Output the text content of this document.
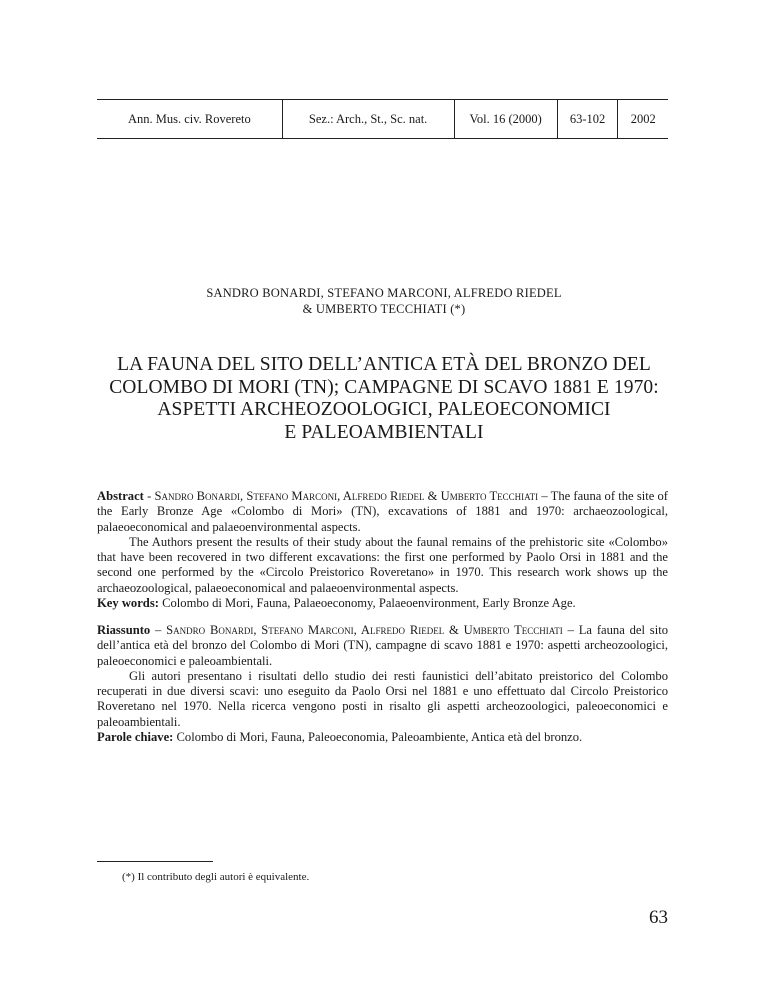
Ann. Mus. civ. Rovereto	Sez.: Arch., St., Sc. nat.	Vol. 16 (2000)	63-102	2002
SANDRO BONARDI, STEFANO MARCONI, ALFREDO RIEDEL
& UMBERTO TECCHIATI (*)
LA FAUNA DEL SITO DELL’ANTICA ETÀ DEL BRONZO DEL
COLOMBO DI MORI (TN); CAMPAGNE DI SCAVO 1881 E 1970:
ASPETTI ARCHEOZOOLOGICI, PALEOECONOMICI
E PALEOAMBIENTALI

Abstract - Sandro Bonardi, Stefano Marconi, Alfredo Riedel & Umberto Tecchiati – The fauna of the site of the Early Bronze Age «Colombo di Mori» (TN), excavations of 1881 and 1970: archaeozoological, palaeoeconomical and palaeoenvironmental aspects.

The Authors present the results of their study about the faunal remains of the prehistoric site «Colombo» that have been recovered in two different excavations: the first one performed by Paolo Orsi in 1881 and the second one performed by the «Circolo Preistorico Roveretano» in 1970. This research work shows up the archaeozoological, palaeoeconomical and palaeoenvironmental aspects.

Key words: Colombo di Mori, Fauna, Palaeoeconomy, Palaeoenvironment, Early Bronze Age.

Riassunto – Sandro Bonardi, Stefano Marconi, Alfredo Riedel & Umberto Tecchiati – La fauna del sito dell’antica età del bronzo del Colombo di Mori (TN), campagne di scavo 1881 e 1970: aspetti archeozoologici, paleoeconomici e paleoambientali.

Gli autori presentano i risultati dello studio dei resti faunistici dell’abitato preistorico del Colombo recuperati in due diversi scavi: uno eseguito da Paolo Orsi nel 1881 e uno effettuato dal Circolo Preistorico Roveretano nel 1970. Nella ricerca vengono posti in risalto gli aspetti archeozoologici, paleoeconomici e paleoambientali.

Parole chiave: Colombo di Mori, Fauna, Paleoeconomia, Paleoambiente, Antica età del bronzo.

(*) Il contributo degli autori è equivalente.
63
